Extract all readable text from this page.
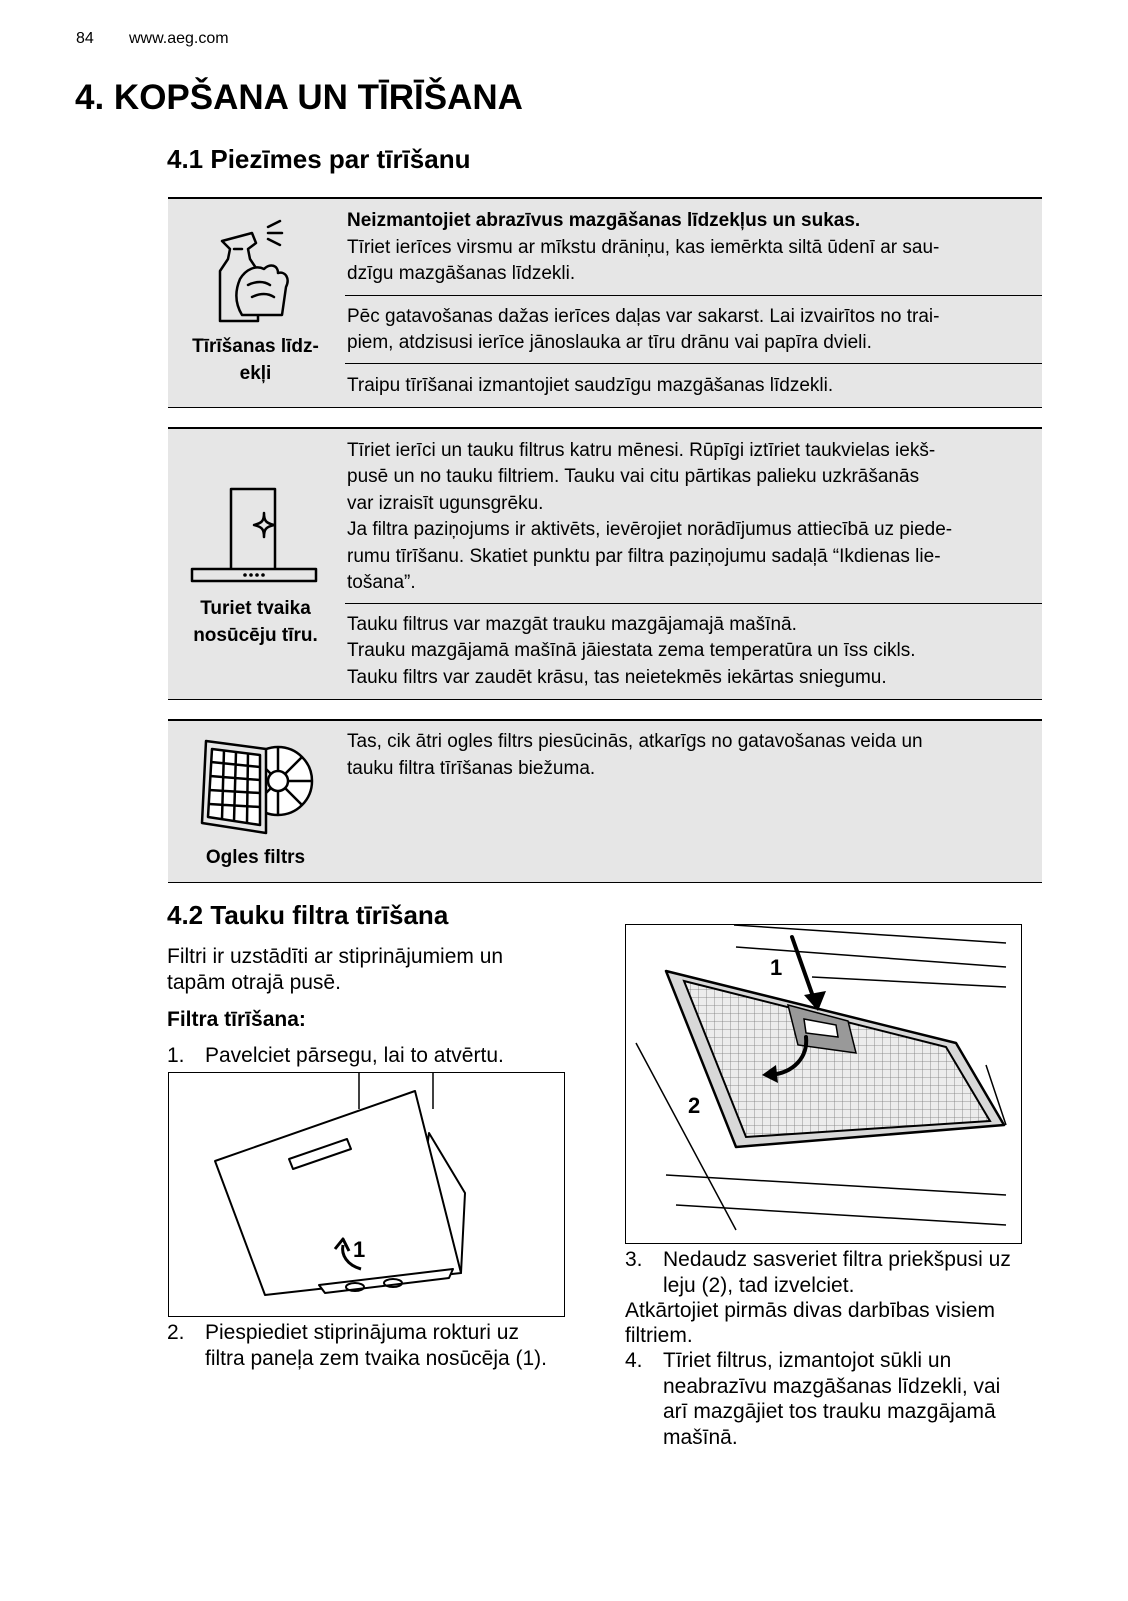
84 www.aeg.com
4. KOPŠANA UN TĪRĪŠANA
4.1 Piezīmes par tīrīšanu
Tīrīšanas līdz-
ekļi
Neizmantojiet abrazīvus mazgāšanas līdzekļus un sukas.
Tīriet ierīces virsmu ar mīkstu drāniņu, kas iemērkta siltā ūdenī ar sau-
dzīgu mazgāšanas līdzekli.
Pēc gatavošanas dažas ierīces daļas var sakarst. Lai izvairītos no trai-
piem, atdzisusi ierīce jānoslauka ar tīru drānu vai papīra dvieli.
Traipu tīrīšanai izmantojiet saudzīgu mazgāšanas līdzekli.
Turiet tvaika
nosūcēju tīru.
Tīriet ierīci un tauku filtrus katru mēnesi. Rūpīgi iztīriet taukvielas iekš-
pusē un no tauku filtriem. Tauku vai citu pārtikas palieku uzkrāšanās
var izraisīt ugunsgrēku.
Ja filtra paziņojums ir aktivēts, ievērojiet norādījumus attiecībā uz piede-
rumu tīrīšanu. Skatiet punktu par filtra paziņojumu sadaļā “Ikdienas lie-
tošana”.
Tauku filtrus var mazgāt trauku mazgājamajā mašīnā.
Trauku mazgājamā mašīnā jāiestata zema temperatūra un īss cikls.
Tauku filtrs var zaudēt krāsu, tas neietekmēs iekārtas sniegumu.
Ogles filtrs
Tas, cik ātri ogles filtrs piesūcinās, atkarīgs no gatavošanas veida un
tauku filtra tīrīšanas biežuma.
4.2 Tauku filtra tīrīšana
Filtri ir uzstādīti ar stiprinājumiem un
tapām otrajā pusē.
Filtra tīrīšana:
1. Pavelciet pārsegu, lai to atvērtu.
1
2. Piespiediet stiprinājuma rokturi uz
filtra paneļa zem tvaika nosūcēja (1).
1
2
3. Nedaudz sasveriet filtra priekšpusi uz
leju (2), tad izvelciet.
Atkārtojiet pirmās divas darbības visiem
filtriem.
4. Tīriet filtrus, izmantojot sūkli un
neabrazīvu mazgāšanas līdzekli, vai
arī mazgājiet tos trauku mazgājamā
mašīnā.
